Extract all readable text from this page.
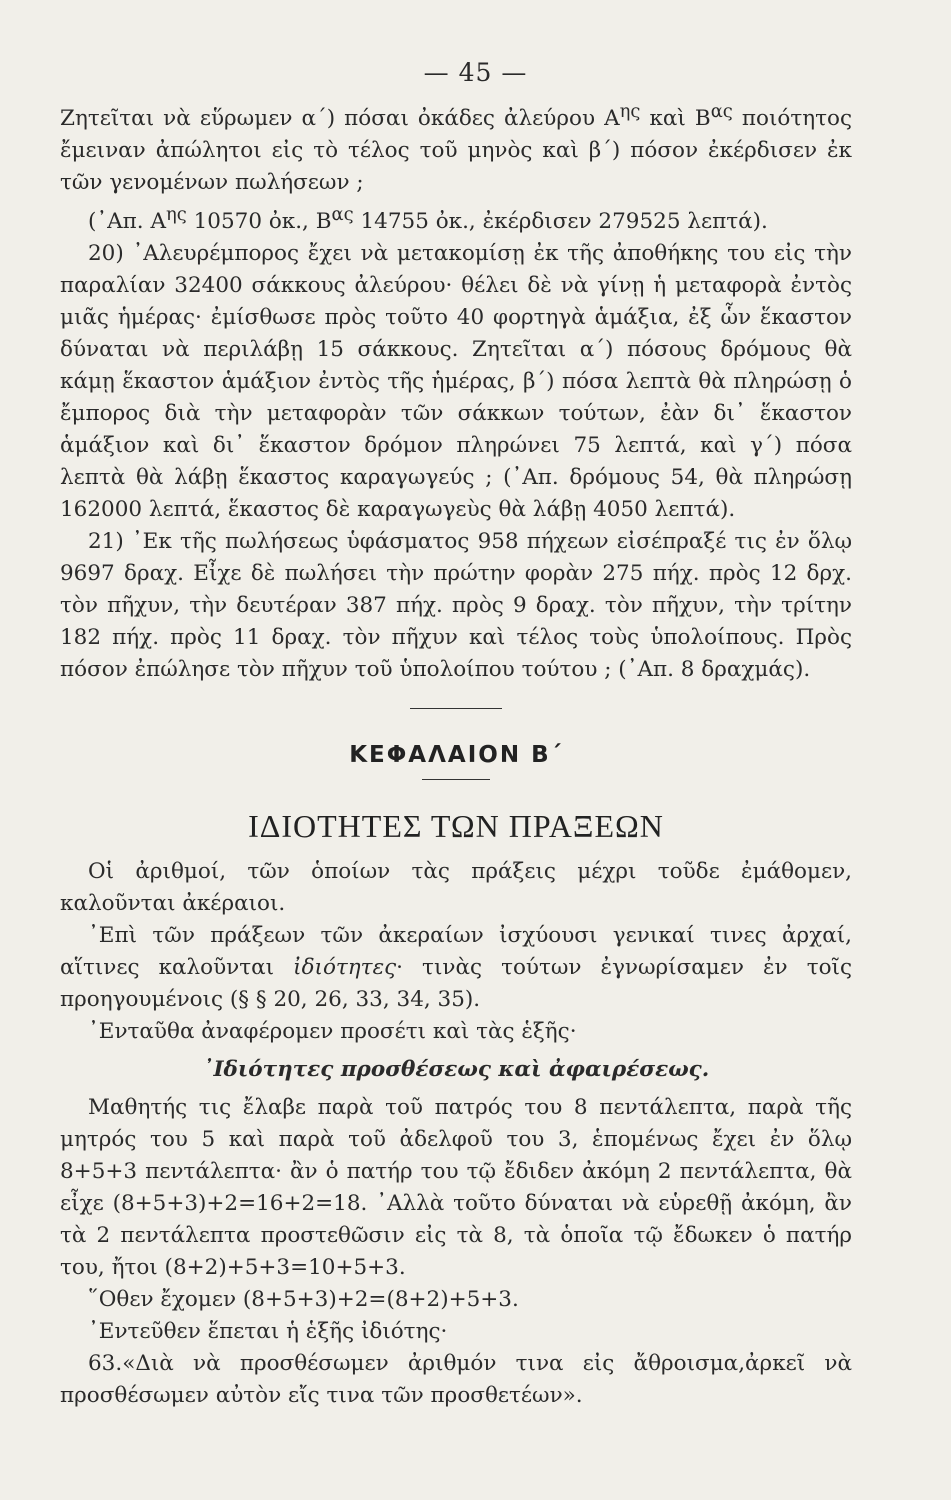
— 45 —

Ζητεῖται νὰ εὕρωμεν α΄) πόσαι ὀκάδες ἀλεύρου $A^{\eta\varsigma}$ καὶ $B^{\alpha\varsigma}$ ποιότητος ἔμειναν ἀπώλητοι εἰς τὸ τέλος τοῦ μηνὸς καὶ β΄) πόσον ἐκέρδισεν ἐκ τῶν γενομένων πωλήσεων ;

(᾿Απ. $A^{\eta\varsigma}$ 10570 ὀκ., $B^{\alpha\varsigma}$ 14755 ὀκ., ἐκέρδισεν 279525 λεπτά).

20) ᾿Αλευρέμπορος ἔχει νὰ μετακομίσῃ ἐκ τῆς ἀποθήκης του εἰς τὴν παραλίαν 32400 σάκκους ἀλεύρου· θέλει δὲ νὰ γίνῃ ἡ μεταφορὰ ἐντὸς μιᾶς ἡμέρας· ἐμίσθωσε πρὸς τοῦτο 40 φορτηγὰ ἁμάξια, ἐξ ὧν ἕκαστον δύναται νὰ περιλάβῃ 15 σάκκους. Ζητεῖται α΄) πόσους δρόμους θὰ κάμῃ ἕκαστον ἁμάξιον ἐντὸς τῆς ἡμέρας, β΄) πόσα λεπτὰ θὰ πληρώσῃ ὁ ἔμπορος διὰ τὴν μεταφορὰν τῶν σάκκων τούτων, ἐὰν δι᾿ ἕκαστον ἁμάξιον καὶ δι᾿ ἕκαστον δρόμον πληρώνει 75 λεπτά, καὶ γ΄) πόσα λεπτὰ θὰ λάβῃ ἕκαστος καραγωγεύς ; (᾿Απ. δρόμους 54, θὰ πληρώσῃ 162000 λεπτά, ἕκαστος δὲ καραγωγεὺς θὰ λάβῃ 4050 λεπτά).

21) ᾿Εκ τῆς πωλήσεως ὑφάσματος 958 πήχεων εἰσέπραξέ τις ἐν ὅλῳ 9697 δραχ. Εἶχε δὲ πωλήσει τὴν πρώτην φορὰν 275 πήχ. πρὸς 12 δρχ. τὸν πῆχυν, τὴν δευτέραν 387 πήχ. πρὸς 9 δραχ. τὸν πῆχυν, τὴν τρίτην 182 πήχ. πρὸς 11 δραχ. τὸν πῆχυν καὶ τέλος τοὺς ὑπολοίπους. Πρὸς πόσον ἐπώλησε τὸν πῆχυν τοῦ ὑπολοίπου τούτου ; (᾿Απ. 8 δραχμάς).

ΚΕΦΑΛΑΙΟΝ Β΄
ΙΔΙΟΤΗΤΕΣ ΤΩΝ ΠΡΑΞΕΩΝ

Οἱ ἀριθμοί, τῶν ὁποίων τὰς πράξεις μέχρι τοῦδε ἐμάθομεν, καλοῦνται ἀκέραιοι.

᾿Επὶ τῶν πράξεων τῶν ἀκεραίων ἰσχύουσι γενικαί τινες ἀρχαί, αἵτινες καλοῦνται ἰδιότητες· τινὰς τούτων ἐγνωρίσαμεν ἐν τοῖς προηγουμένοις (§ § 20, 26, 33, 34, 35).

᾿Ενταῦθα ἀναφέρομεν προσέτι καὶ τὰς ἑξῆς·

᾿Ιδιότητες προσθέσεως καὶ ἀφαιρέσεως.

Μαθητής τις ἔλαβε παρὰ τοῦ πατρός του 8 πεντάλεπτα, παρὰ τῆς μητρός του 5 καὶ παρὰ τοῦ ἀδελφοῦ του 3, ἑπομένως ἔχει ἐν ὅλῳ 8+5+3 πεντάλεπτα· ἂν ὁ πατήρ του τῷ ἔδιδεν ἀκόμη 2 πεντάλεπτα, θὰ εἶχε (8+5+3)+2=16+2=18. ᾿Αλλὰ τοῦτο δύναται νὰ εὑρεθῇ ἀκόμη, ἂν τὰ 2 πεντάλεπτα προστεθῶσιν εἰς τὰ 8, τὰ ὁποῖα τῷ ἔδωκεν ὁ πατήρ του, ἤτοι (8+2)+5+3=10+5+3.

῞Οθεν ἔχομεν (8+5+3)+2=(8+2)+5+3.

᾿Εντεῦθεν ἕπεται ἡ ἑξῆς ἰδιότης·

63.«Διὰ νὰ προσθέσωμεν ἀριθμόν τινα εἰς ἄθροισμα,ἀρκεῖ νὰ προσθέσωμεν αὐτὸν εἴς τινα τῶν προσθετέων».
